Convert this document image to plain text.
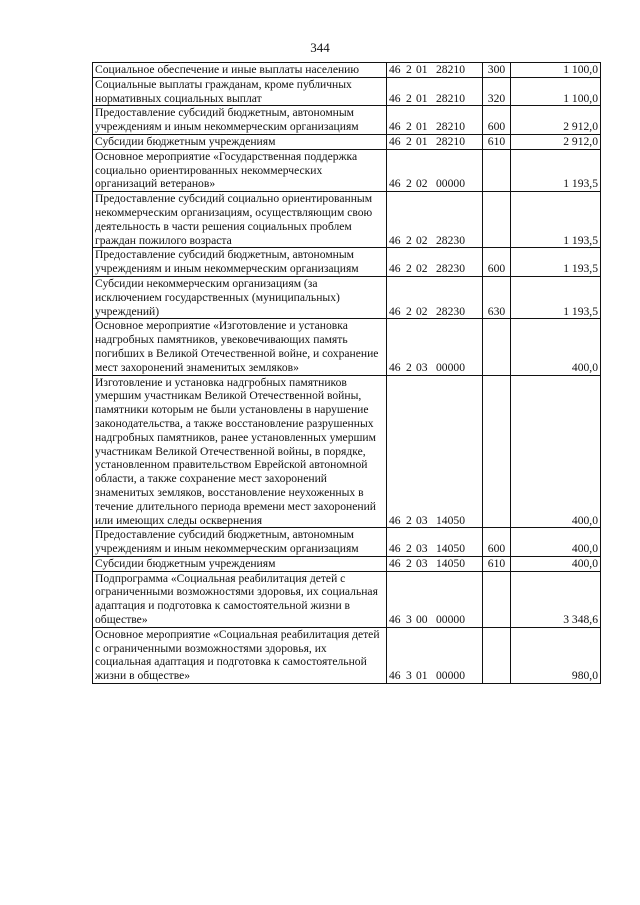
344
Социальное обеспечение и иные выплаты населению	46 2 01 28210	300	1 100,0
Социальные выплаты гражданам, кроме публичных нормативных социальных выплат	46 2 01 28210	320	1 100,0
Предоставление субсидий бюджетным, автономным учреждениям и иным некоммерческим организациям	46 2 01 28210	600	2 912,0
Субсидии бюджетным учреждениям	46 2 01 28210	610	2 912,0
Основное мероприятие «Государственная поддержка социально ориентированных некоммерческих организаций ветеранов»	46 2 02 00000		1 193,5
Предоставление субсидий социально ориентированным некоммерческим организациям, осуществляющим свою деятельность в части решения социальных проблем граждан пожилого возраста	46 2 02 28230		1 193,5
Предоставление субсидий бюджетным, автономным учреждениям и иным некоммерческим организациям	46 2 02 28230	600	1 193,5
Субсидии некоммерческим организациям (за исключением государственных (муниципальных) учреждений)	46 2 02 28230	630	1 193,5
Основное мероприятие «Изготовление и установка надгробных памятников, увековечивающих память погибших в Великой Отечественной войне, и сохранение мест захоронений знаменитых земляков»	46 2 03 00000		400,0
Изготовление и установка надгробных памятников умершим участникам Великой Отечественной войны, памятники которым не были установлены в нарушение законодательства, а также восстановление разрушенных надгробных памятников, ранее установленных умершим участникам Великой Отечественной войны, в порядке, установленном правительством Еврейской автономной области, а также сохранение мест захоронений знаменитых земляков, восстановление неухоженных в течение длительного периода времени мест захоронений или имеющих следы осквернения	46 2 03 14050		400,0
Предоставление субсидий бюджетным, автономным учреждениям и иным некоммерческим организациям	46 2 03 14050	600	400,0
Субсидии бюджетным учреждениям	46 2 03 14050	610	400,0
Подпрограмма «Социальная реабилитация детей с ограниченными возможностями здоровья, их социальная адаптация и подготовка к самостоятельной жизни в обществе»	46 3 00 00000		3 348,6
Основное мероприятие «Социальная реабилитация детей с ограниченными возможностями здоровья, их социальная адаптация и подготовка к самостоятельной жизни в обществе»	46 3 01 00000		980,0
